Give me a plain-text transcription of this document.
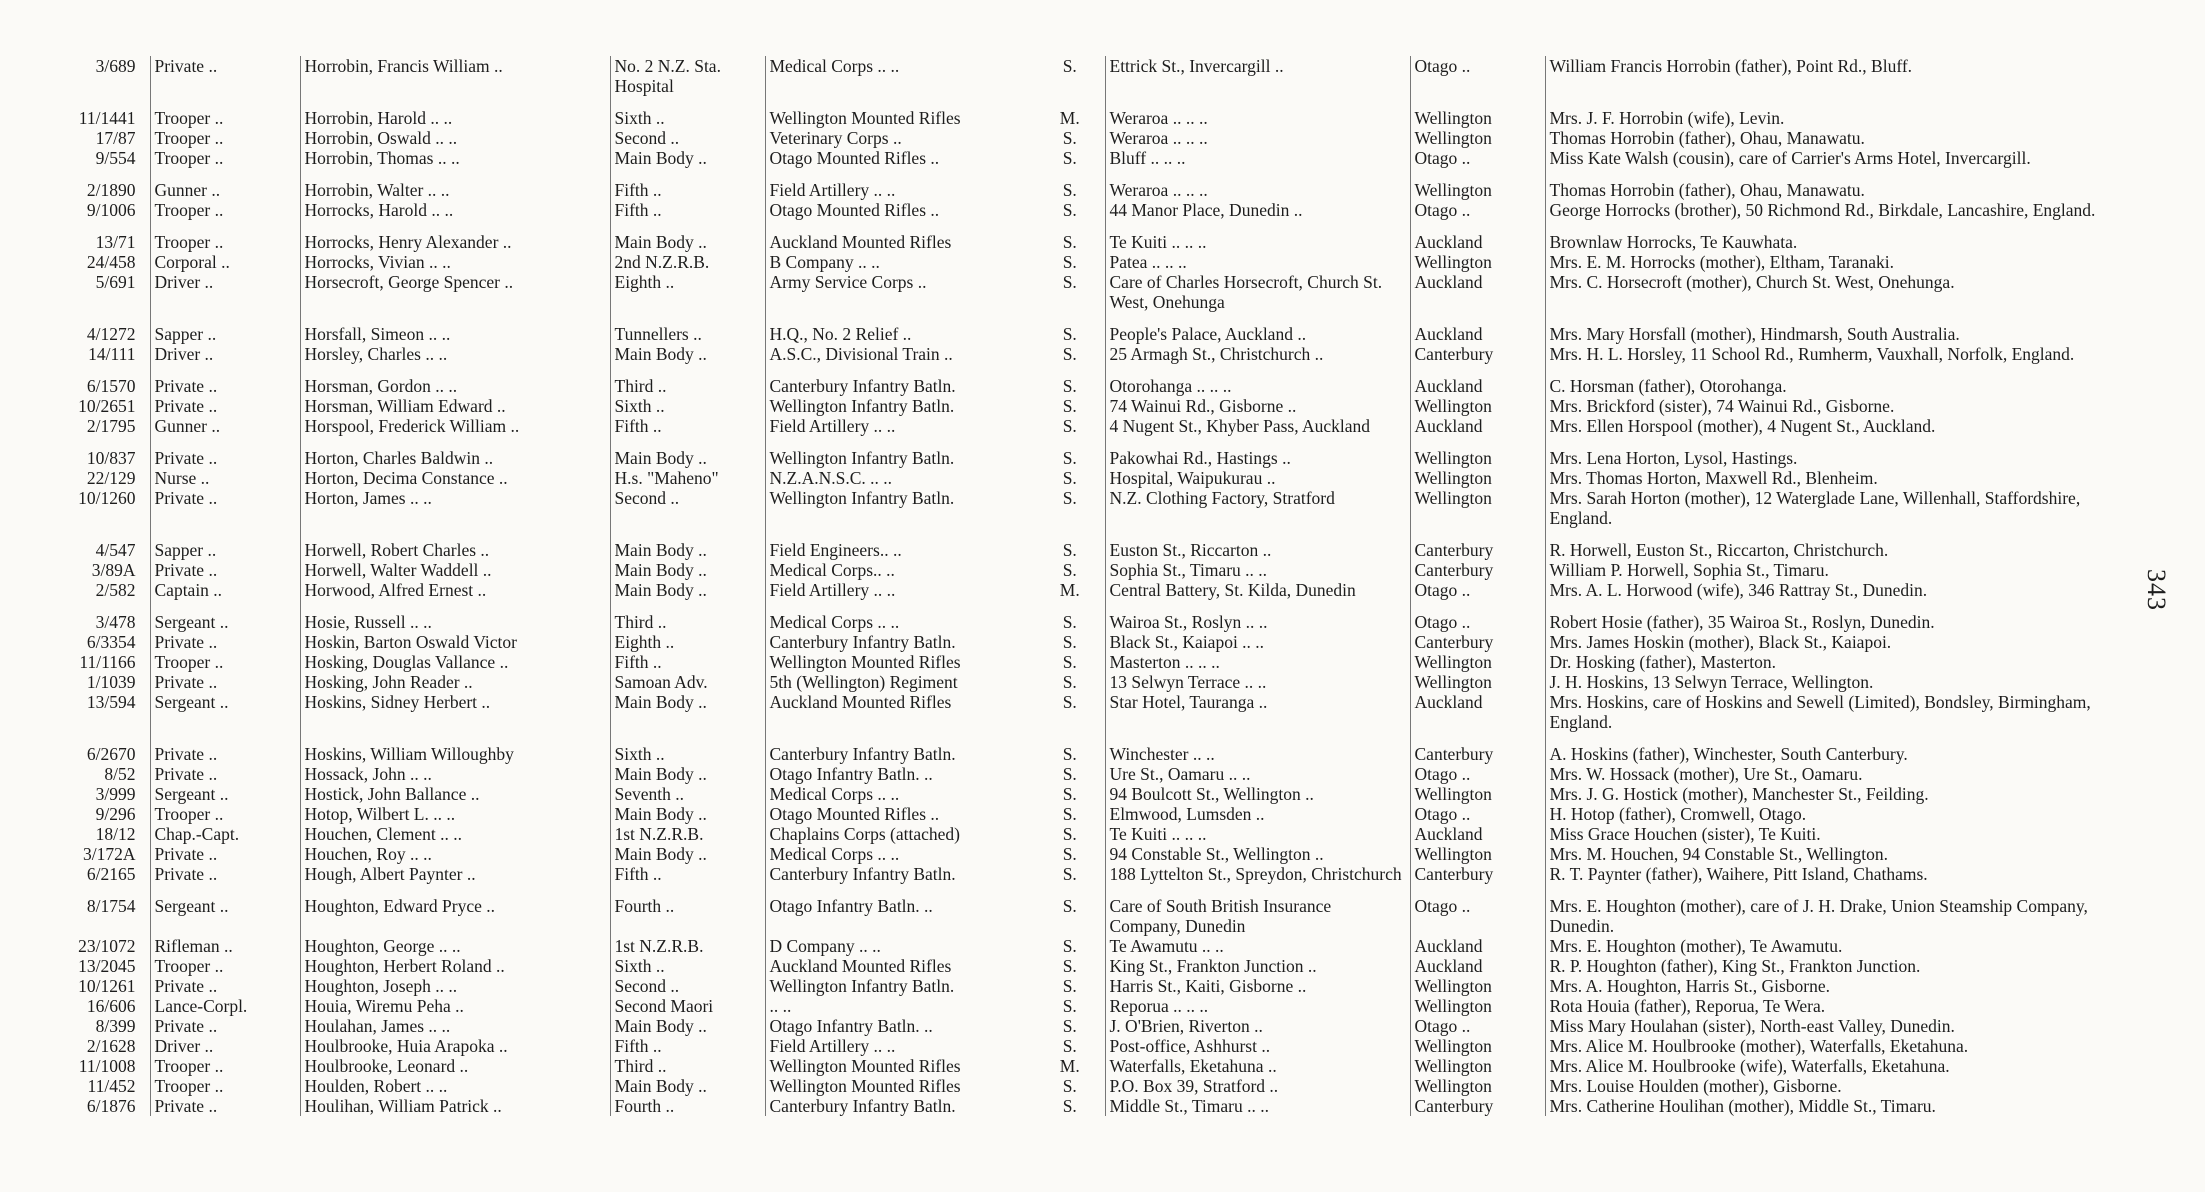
3/689	Private ..	Horrobin, Francis William ..	No. 2 N.Z. Sta. Hospital	Medical Corps .. ..	S.	Ettrick St., Invercargill ..	Otago ..	William Francis Horrobin (father), Point Rd., Bluff.
11/1441	Trooper ..	Horrobin, Harold .. ..	Sixth ..	Wellington Mounted Rifles	M.	Weraroa .. .. ..	Wellington	Mrs. J. F. Horrobin (wife), Levin.
17/87	Trooper ..	Horrobin, Oswald .. ..	Second ..	Veterinary Corps ..	S.	Weraroa .. .. ..	Wellington	Thomas Horrobin (father), Ohau, Manawatu.
9/554	Trooper ..	Horrobin, Thomas .. ..	Main Body ..	Otago Mounted Rifles ..	S.	Bluff .. .. ..	Otago ..	Miss Kate Walsh (cousin), care of Carrier's Arms Hotel, Invercargill.
2/1890	Gunner ..	Horrobin, Walter .. ..	Fifth ..	Field Artillery .. ..	S.	Weraroa .. .. ..	Wellington	Thomas Horrobin (father), Ohau, Manawatu.
9/1006	Trooper ..	Horrocks, Harold .. ..	Fifth ..	Otago Mounted Rifles ..	S.	44 Manor Place, Dunedin ..	Otago ..	George Horrocks (brother), 50 Richmond Rd., Birkdale, Lancashire, England.
13/71	Trooper ..	Horrocks, Henry Alexander ..	Main Body ..	Auckland Mounted Rifles	S.	Te Kuiti .. .. ..	Auckland	Brownlaw Horrocks, Te Kauwhata.
24/458	Corporal ..	Horrocks, Vivian .. ..	2nd N.Z.R.B.	B Company .. ..	S.	Patea .. .. ..	Wellington	Mrs. E. M. Horrocks (mother), Eltham, Taranaki.
5/691	Driver ..	Horsecroft, George Spencer ..	Eighth ..	Army Service Corps ..	S.	Care of Charles Horsecroft, Church St. West, Onehunga	Auckland	Mrs. C. Horsecroft (mother), Church St. West, Onehunga.
4/1272	Sapper ..	Horsfall, Simeon .. ..	Tunnellers ..	H.Q., No. 2 Relief ..	S.	People's Palace, Auckland ..	Auckland	Mrs. Mary Horsfall (mother), Hindmarsh, South Australia.
14/111	Driver ..	Horsley, Charles .. ..	Main Body ..	A.S.C., Divisional Train ..	S.	25 Armagh St., Christchurch ..	Canterbury	Mrs. H. L. Horsley, 11 School Rd., Rumherm, Vauxhall, Norfolk, England.
6/1570	Private ..	Horsman, Gordon .. ..	Third ..	Canterbury Infantry Batln.	S.	Otorohanga .. .. ..	Auckland	C. Horsman (father), Otorohanga.
10/2651	Private ..	Horsman, William Edward ..	Sixth ..	Wellington Infantry Batln.	S.	74 Wainui Rd., Gisborne ..	Wellington	Mrs. Brickford (sister), 74 Wainui Rd., Gisborne.
2/1795	Gunner ..	Horspool, Frederick William ..	Fifth ..	Field Artillery .. ..	S.	4 Nugent St., Khyber Pass, Auckland	Auckland	Mrs. Ellen Horspool (mother), 4 Nugent St., Auckland.
10/837	Private ..	Horton, Charles Baldwin ..	Main Body ..	Wellington Infantry Batln.	S.	Pakowhai Rd., Hastings ..	Wellington	Mrs. Lena Horton, Lysol, Hastings.
22/129	Nurse ..	Horton, Decima Constance ..	H.s. "Maheno"	N.Z.A.N.S.C. .. ..	S.	Hospital, Waipukurau ..	Wellington	Mrs. Thomas Horton, Maxwell Rd., Blenheim.
10/1260	Private ..	Horton, James .. ..	Second ..	Wellington Infantry Batln.	S.	N.Z. Clothing Factory, Stratford	Wellington	Mrs. Sarah Horton (mother), 12 Waterglade Lane, Willenhall, Staffordshire, England.
4/547	Sapper ..	Horwell, Robert Charles ..	Main Body ..	Field Engineers.. ..	S.	Euston St., Riccarton ..	Canterbury	R. Horwell, Euston St., Riccarton, Christchurch.
3/89A	Private ..	Horwell, Walter Waddell ..	Main Body ..	Medical Corps.. ..	S.	Sophia St., Timaru .. ..	Canterbury	William P. Horwell, Sophia St., Timaru.
2/582	Captain ..	Horwood, Alfred Ernest ..	Main Body ..	Field Artillery .. ..	M.	Central Battery, St. Kilda, Dunedin	Otago ..	Mrs. A. L. Horwood (wife), 346 Rattray St., Dunedin.
3/478	Sergeant ..	Hosie, Russell .. ..	Third ..	Medical Corps .. ..	S.	Wairoa St., Roslyn .. ..	Otago ..	Robert Hosie (father), 35 Wairoa St., Roslyn, Dunedin.
6/3354	Private ..	Hoskin, Barton Oswald Victor	Eighth ..	Canterbury Infantry Batln.	S.	Black St., Kaiapoi .. ..	Canterbury	Mrs. James Hoskin (mother), Black St., Kaiapoi.
11/1166	Trooper ..	Hosking, Douglas Vallance ..	Fifth ..	Wellington Mounted Rifles	S.	Masterton .. .. ..	Wellington	Dr. Hosking (father), Masterton.
1/1039	Private ..	Hosking, John Reader ..	Samoan Adv.	5th (Wellington) Regiment	S.	13 Selwyn Terrace .. ..	Wellington	J. H. Hoskins, 13 Selwyn Terrace, Wellington.
13/594	Sergeant ..	Hoskins, Sidney Herbert ..	Main Body ..	Auckland Mounted Rifles	S.	Star Hotel, Tauranga ..	Auckland	Mrs. Hoskins, care of Hoskins and Sewell (Limited), Bondsley, Birmingham, England.
6/2670	Private ..	Hoskins, William Willoughby	Sixth ..	Canterbury Infantry Batln.	S.	Winchester .. ..	Canterbury	A. Hoskins (father), Winchester, South Canterbury.
8/52	Private ..	Hossack, John .. ..	Main Body ..	Otago Infantry Batln. ..	S.	Ure St., Oamaru .. ..	Otago ..	Mrs. W. Hossack (mother), Ure St., Oamaru.
3/999	Sergeant ..	Hostick, John Ballance ..	Seventh ..	Medical Corps .. ..	S.	94 Boulcott St., Wellington ..	Wellington	Mrs. J. G. Hostick (mother), Manchester St., Feilding.
9/296	Trooper ..	Hotop, Wilbert L. .. ..	Main Body ..	Otago Mounted Rifles ..	S.	Elmwood, Lumsden ..	Otago ..	H. Hotop (father), Cromwell, Otago.
18/12	Chap.-Capt.	Houchen, Clement .. ..	1st N.Z.R.B.	Chaplains Corps (attached)	S.	Te Kuiti .. .. ..	Auckland	Miss Grace Houchen (sister), Te Kuiti.
3/172A	Private ..	Houchen, Roy .. ..	Main Body ..	Medical Corps .. ..	S.	94 Constable St., Wellington ..	Wellington	Mrs. M. Houchen, 94 Constable St., Wellington.
6/2165	Private ..	Hough, Albert Paynter ..	Fifth ..	Canterbury Infantry Batln.	S.	188 Lyttelton St., Spreydon, Christchurch	Canterbury	R. T. Paynter (father), Waihere, Pitt Island, Chathams.
8/1754	Sergeant ..	Houghton, Edward Pryce ..	Fourth ..	Otago Infantry Batln. ..	S.	Care of South British Insurance Company, Dunedin	Otago ..	Mrs. E. Houghton (mother), care of J. H. Drake, Union Steamship Company, Dunedin.
23/1072	Rifleman ..	Houghton, George .. ..	1st N.Z.R.B.	D Company .. ..	S.	Te Awamutu .. ..	Auckland	Mrs. E. Houghton (mother), Te Awamutu.
13/2045	Trooper ..	Houghton, Herbert Roland ..	Sixth ..	Auckland Mounted Rifles	S.	King St., Frankton Junction ..	Auckland	R. P. Houghton (father), King St., Frankton Junction.
10/1261	Private ..	Houghton, Joseph .. ..	Second ..	Wellington Infantry Batln.	S.	Harris St., Kaiti, Gisborne ..	Wellington	Mrs. A. Houghton, Harris St., Gisborne.
16/606	Lance-Corpl.	Houia, Wiremu Peha ..	Second Maori	.. ..	S.	Reporua .. .. ..	Wellington	Rota Houia (father), Reporua, Te Wera.
8/399	Private ..	Houlahan, James .. ..	Main Body ..	Otago Infantry Batln. ..	S.	J. O'Brien, Riverton ..	Otago ..	Miss Mary Houlahan (sister), North-east Valley, Dunedin.
2/1628	Driver ..	Houlbrooke, Huia Arapoka ..	Fifth ..	Field Artillery .. ..	S.	Post-office, Ashhurst ..	Wellington	Mrs. Alice M. Houlbrooke (mother), Waterfalls, Eketahuna.
11/1008	Trooper ..	Houlbrooke, Leonard ..	Third ..	Wellington Mounted Rifles	M.	Waterfalls, Eketahuna ..	Wellington	Mrs. Alice M. Houlbrooke (wife), Waterfalls, Eketahuna.
11/452	Trooper ..	Houlden, Robert .. ..	Main Body ..	Wellington Mounted Rifles	S.	P.O. Box 39, Stratford ..	Wellington	Mrs. Louise Houlden (mother), Gisborne.
6/1876	Private ..	Houlihan, William Patrick ..	Fourth ..	Canterbury Infantry Batln.	S.	Middle St., Timaru .. ..	Canterbury	Mrs. Catherine Houlihan (mother), Middle St., Timaru.
343
